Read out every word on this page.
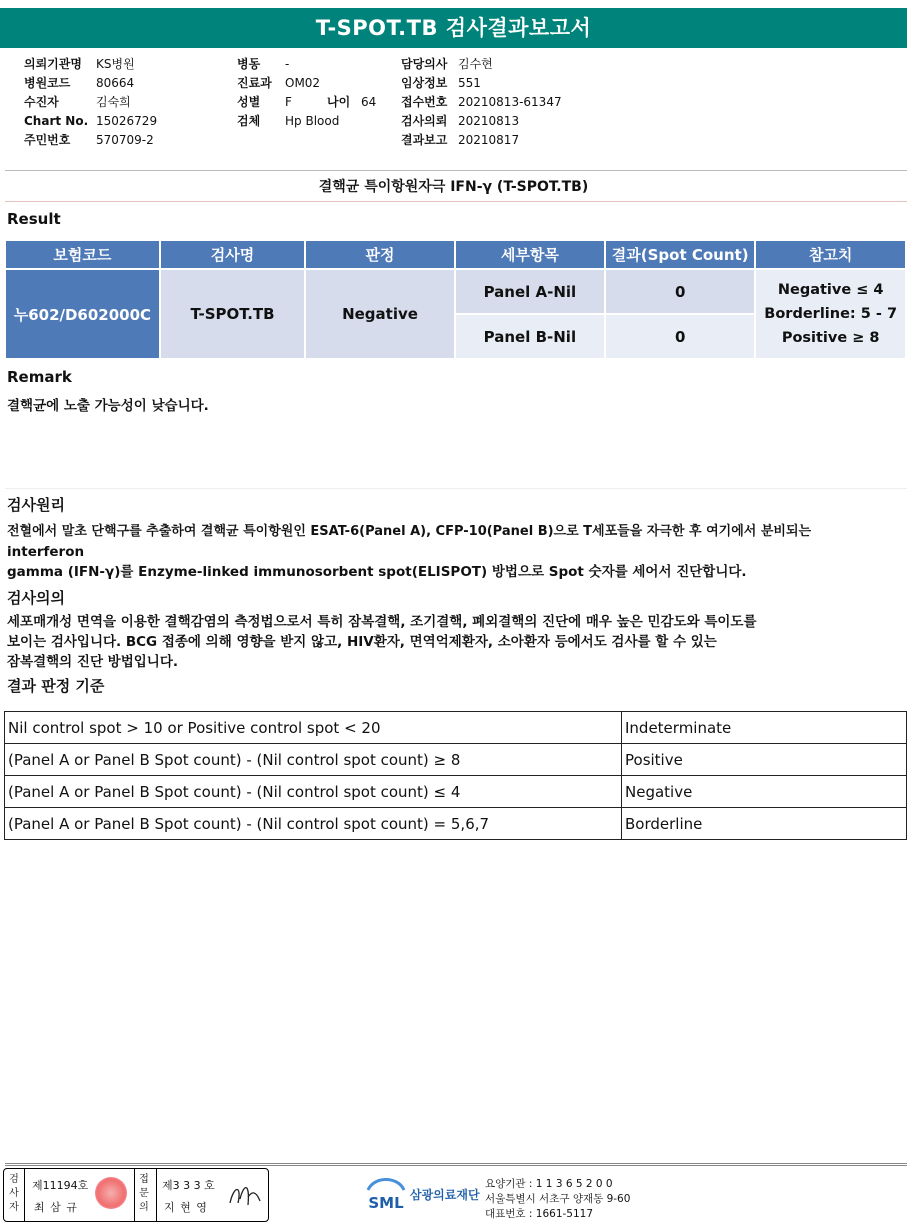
T-SPOT.TB 검사결과보고서
의뢰기관명 KS병원
병원코드 80664
수진자	김숙희
Chart No. 15026729
주민번호 570709-2
병동 -
진료과 OM02
성별 F	나이 64
검체 Hp Blood
담당의사 김수현
임상정보 551
접수번호 20210813-61347
검사의뢰 20210813
결과보고 20210817
결핵균 특이항원자극 IFN-γ (T-SPOT.TB)
Result
보험코드	검사명	판정	세부항목	결과(Spot Count)	참고치
누602/D602000C	T-SPOT.TB	Negative	Panel A-Nil	0	Negative ≤ 4
Borderline: 5 - 7
Positive ≥ 8

			Panel B-Nil	0	
Remark
결핵균에 노출 가능성이 낮습니다.
검사원리
전혈에서 말초 단핵구를 추출하여 결핵균 특이항원인 ESAT-6(Panel A), CFP-10(Panel B)으로 T세포들을 자극한 후 여기에서 분비되는
interferon
gamma (IFN-γ)를 Enzyme-linked immunosorbent spot(ELISPOT) 방법으로 Spot 숫자를 세어서 진단합니다.
검사의의
세포매개성 면역을 이용한 결핵감염의 측정법으로서 특히 잠복결핵, 조기결핵, 폐외결핵의 진단에 매우 높은 민감도와 특이도를
보이는 검사입니다. BCG 접종에 의해 영향을 받지 않고, HIV환자, 면역억제환자, 소아환자 등에서도 검사를 할 수 있는
잠복결핵의 진단 방법입니다.
결과 판정 기준
Nil control spot > 10 or Positive control spot < 20	Indeterminate
(Panel A or Panel B Spot count) - (Nil control spot count) ≥ 8	Positive
(Panel A or Panel B Spot count) - (Nil control spot count) ≤ 4	Negative
(Panel A or Panel B Spot count) - (Nil control spot count) = 5,6,7	Borderline
검사자
제11194호
최 삼 규
접문의
제3 3 3 호
지 현 영	SML 삼광의료재단
요양기관 : 1 1 3 6 5 2 0 0
서울특별시 서초구 양재동 9-60
대표번호 : 1661-5117
